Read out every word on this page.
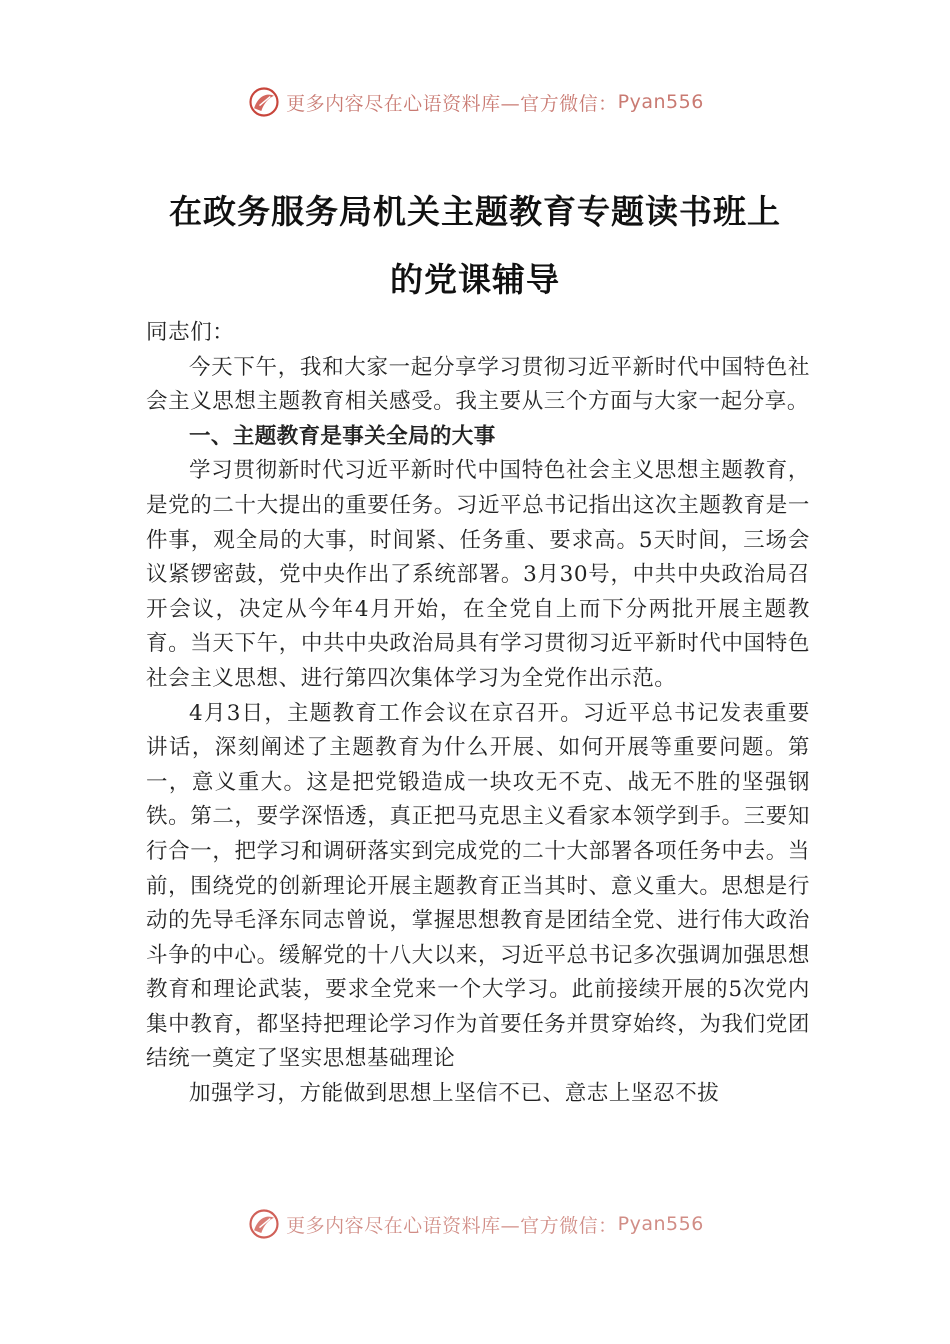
更多内容尽在心语资料库—官方微信： Pyan556
在政务服务局机关主题教育专题读书班上
的党课辅导

同志们：

今天下午，我和大家一起分享学习贯彻习近平新时代中国特色社会主义思想主题教育相关感受。我主要从三个方面与大家一起分享。

一、主题教育是事关全局的大事

学习贯彻新时代习近平新时代中国特色社会主义思想主题教育，是党的二十大提出的重要任务。习近平总书记指出这次主题教育是一件事，观全局的大事，时间紧、任务重、要求高。5天时间，三场会议紧锣密鼓，党中央作出了系统部署。3月30号，中共中央政治局召开会议，决定从今年4月开始，在全党自上而下分两批开展主题教育。当天下午，中共中央政治局具有学习贯彻习近平新时代中国特色社会主义思想、进行第四次集体学习为全党作出示范。

4月3日，主题教育工作会议在京召开。习近平总书记发表重要讲话，深刻阐述了主题教育为什么开展、如何开展等重要问题。第一，意义重大。这是把党锻造成一块攻无不克、战无不胜的坚强钢铁。第二，要学深悟透，真正把马克思主义看家本领学到手。三要知行合一，把学习和调研落实到完成党的二十大部署各项任务中去。当前，围绕党的创新理论开展主题教育正当其时、意义重大。思想是行动的先导毛泽东同志曾说，掌握思想教育是团结全党、进行伟大政治斗争的中心。缓解党的十八大以来，习近平总书记多次强调加强思想教育和理论武装，要求全党来一个大学习。此前接续开展的5次党内集中教育，都坚持把理论学习作为首要任务并贯穿始终，为我们党团结统一奠定了坚实思想基础理论

加强学习，方能做到思想上坚信不已、意志上坚忍不拔

更多内容尽在心语资料库—官方微信： Pyan556
